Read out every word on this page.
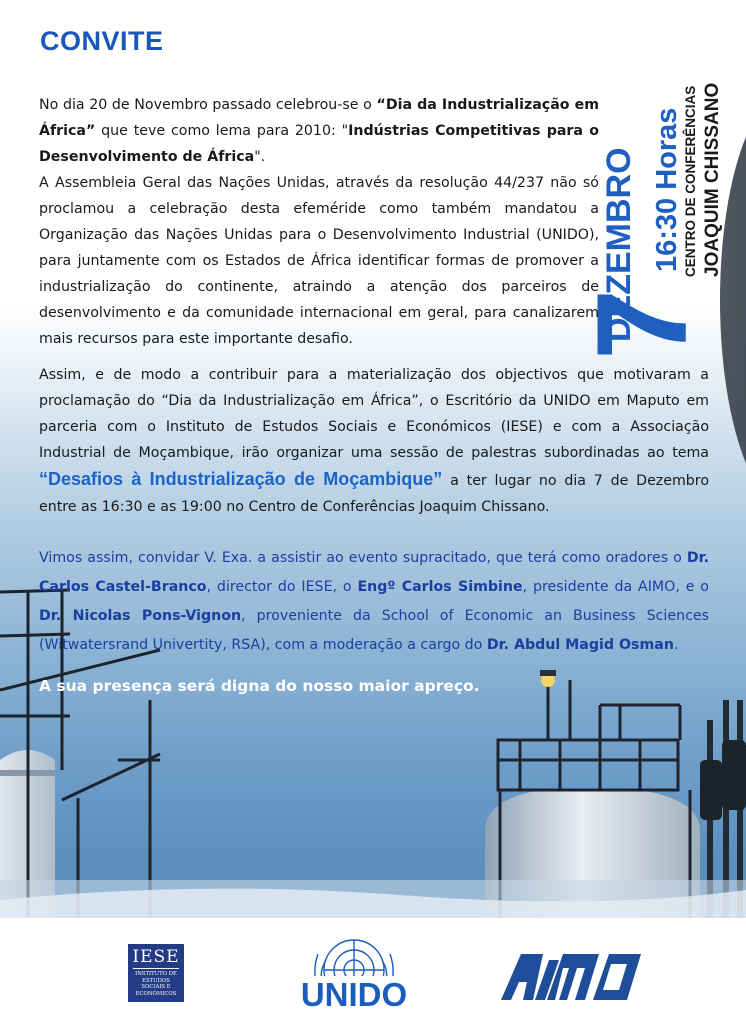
CONVITE
7
DEZEMBRO 16:30 Horas CENTRO DE CONFERÊNCIAS JOAQUIM CHISSANO

No dia 20 de Novembro passado celebrou-se o “Dia da Industrialização em África” que teve como lema para 2010: "Indústrias Competitivas para o Desenvolvimento de África".

A Assembleia Geral das Nações Unidas, através da resolução 44/237 não só proclamou a celebração desta efeméride como também mandatou a Organização das Nações Unidas para o Desenvolvimento Industrial (UNIDO), para juntamente com os Estados de África identificar formas de promover a industrialização do continente, atraindo a atenção dos parceiros de desenvolvimento e da comunidade internacional em geral, para canalizarem mais recursos para este importante desafio.

Assim, e de modo a contribuir para a materialização dos objectivos que motivaram a proclamação do “Dia da Industrialização em África”, o Escritório da UNIDO em Maputo em parceria com o Instituto de Estudos Sociais e Económicos (IESE) e com a Associação Industrial de Moçambique, irão organizar uma sessão de palestras subordinadas ao tema “Desafios à Industrialização de Moçambique” a ter lugar no dia 7 de Dezembro entre as 16:30 e as 19:00 no Centro de Conferências Joaquim Chissano.

Vimos assim, convidar V. Exa. a assistir ao evento supracitado, que terá como oradores o Dr. Carlos Castel-Branco, director do IESE, o Engº Carlos Simbine, presidente da AIMO, e o Dr. Nicolas Pons-Vignon, proveniente da School of Economic an Business Sciences (Witwatersrand Univertity, RSA), com a moderação a cargo do Dr. Abdul Magid Osman.

A sua presença será digna do nosso maior apreço.

IESE
INSTITUTO DE ESTUDOS SOCIAIS E ECONÓMICOS	UNIDO
aimo
